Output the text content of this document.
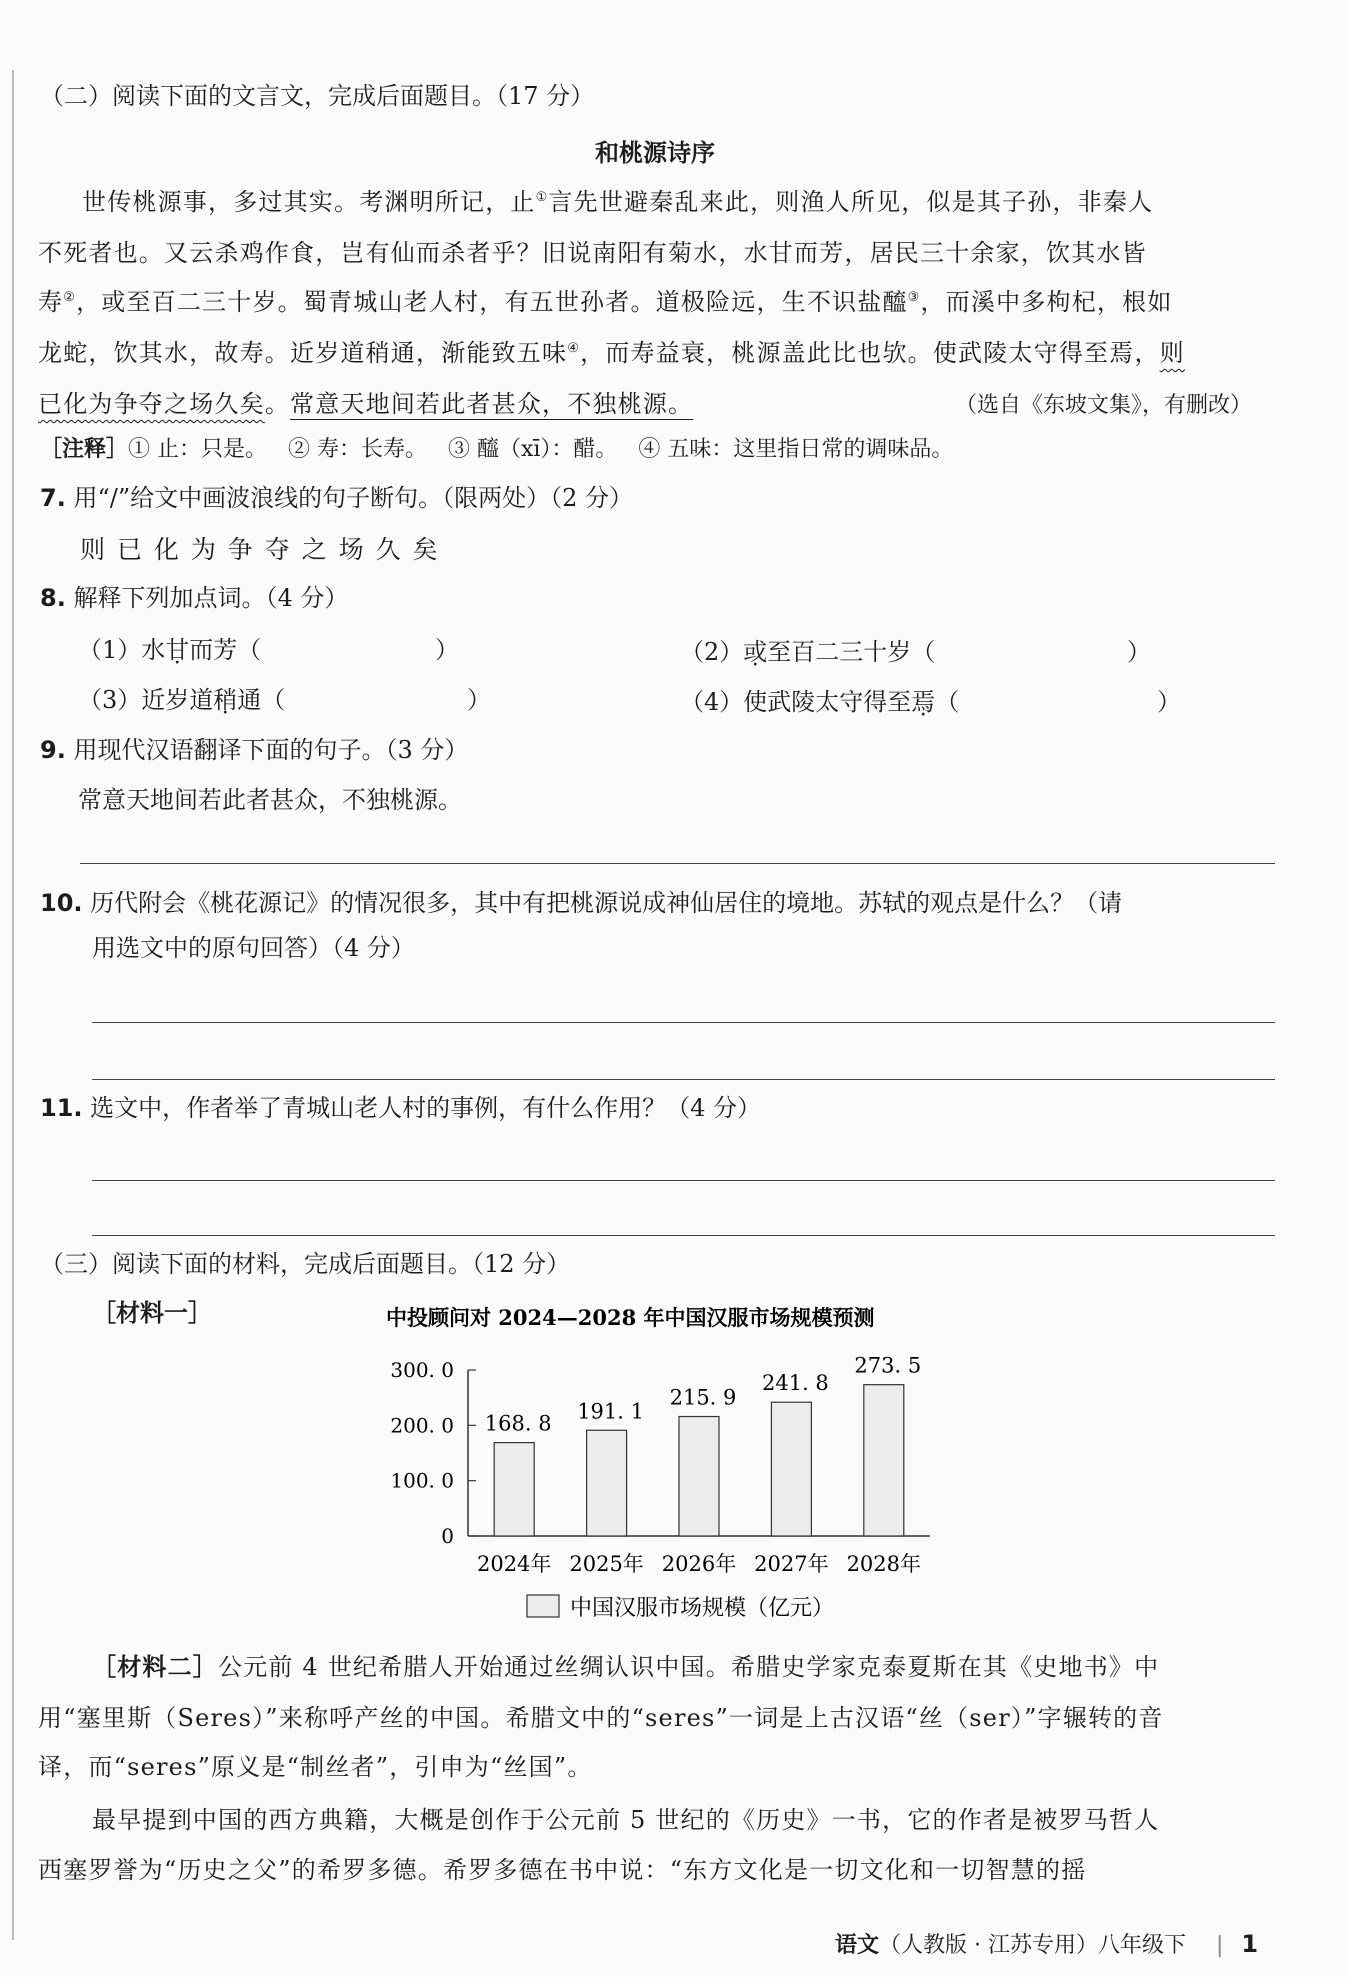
（二）阅读下面的文言文，完成后面题目。（17 分）
和桃源诗序
世传桃源事，多过其实。考渊明所记，止①言先世避秦乱来此，则渔人所见，似是其子孙，非秦人
不死者也。又云杀鸡作食，岂有仙而杀者乎？旧说南阳有菊水，水甘而芳，居民三十余家，饮其水皆
寿②，或至百二三十岁。蜀青城山老人村，有五世孙者。道极险远，生不识盐醯③，而溪中多枸杞，根如
龙蛇，饮其水，故寿。近岁道稍通，渐能致五味④，而寿益衰，桃源盖此比也欤。使武陵太守得至焉，则
已化为争夺之场久矣。常意天地间若此者甚众，不独桃源。	（选自《东坡文集》，有删改）
［注释］① 止：只是。   ② 寿：长寿。   ③ 醯（xī）：醋。   ④ 五味：这里指日常的调味品。
7. 用“/”给文中画波浪线的句子断句。（限两处）（2 分）
则 已 化 为 争 夺 之 场 久 矣
8. 解释下列加点词。（4 分）
（1）水甘而芳（	）	（2）或至百二三十岁（	）
（3）近岁道稍通（	）	（4）使武陵太守得至焉（	）
9. 用现代汉语翻译下面的句子。（3 分）
常意天地间若此者甚众，不独桃源。
10. 历代附会《桃花源记》的情况很多，其中有把桃源说成神仙居住的境地。苏轼的观点是什么？（请
用选文中的原句回答）（4 分）
11. 选文中，作者举了青城山老人村的事例，有什么作用？（4 分）
（三）阅读下面的材料，完成后面题目。（12 分）
［材料一］	中投顾问对 2024—2028 年中国汉服市场规模预测
0
100. 0
200. 0
300. 0
168. 8
2024年
191. 1
2025年
215. 9
2026年
241. 8
2027年
273. 5
2028年
中国汉服市场规模（亿元）
［材料二］公元前 4 世纪希腊人开始通过丝绸认识中国。希腊史学家克泰夏斯在其《史地书》中
用“塞里斯（Seres）”来称呼产丝的中国。希腊文中的“seres”一词是上古汉语“丝（ser）”字辗转的音
译，而“seres”原义是“制丝者”，引申为“丝国”。
最早提到中国的西方典籍，大概是创作于公元前 5 世纪的《历史》一书，它的作者是被罗马哲人
西塞罗誉为“历史之父”的希罗多德。希罗多德在书中说：“东方文化是一切文化和一切智慧的摇
语文（人教版 · 江苏专用）八年级下 | 1
